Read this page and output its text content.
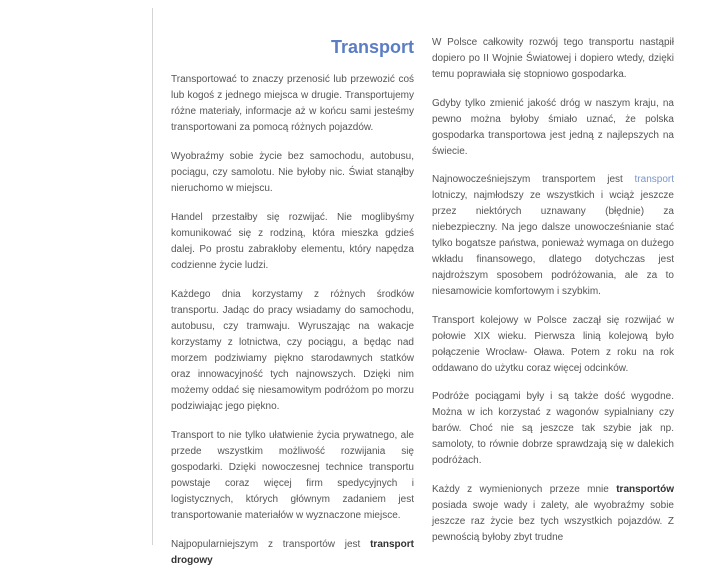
Transport

Transportować to znaczy przenosić lub przewozić coś lub kogoś z jednego miejsca w drugie. Transportujemy różne materiały, informacje aż w końcu sami jesteśmy transportowani za pomocą różnych pojazdów.

Wyobraźmy sobie życie bez samochodu, autobusu, pociągu, czy samolotu. Nie byłoby nic. Świat stanąłby nieruchomo w miejscu.

Handel przestałby się rozwijać. Nie moglibyśmy komunikować się z rodziną, która mieszka gdzieś dalej. Po prostu zabrakłoby elementu, który napędza codzienne życie ludzi.

Każdego dnia korzystamy z różnych środków transportu. Jadąc do pracy wsiadamy do samochodu, autobusu, czy tramwaju. Wyruszając na wakacje korzystamy z lotnictwa, czy pociągu, a będąc nad morzem podziwiamy piękno starodawnych statków oraz innowacyjność tych najnowszych. Dzięki nim możemy oddać się niesamowitym podróżom po morzu podziwiając jego piękno.

Transport to nie tylko ułatwienie życia prywatnego, ale przede wszystkim możliwość rozwijania się gospodarki. Dzięki nowoczesnej technice transportu powstaje coraz więcej firm spedycyjnych i logistycznych, których głównym zadaniem jest transportowanie materiałów w wyznaczone miejsce.

Najpopularniejszym z transportów jest transport drogowy

W Polsce całkowity rozwój tego transportu nastąpił dopiero po II Wojnie Światowej i dopiero wtedy, dzięki temu poprawiała się stopniowo gospodarka.

Gdyby tylko zmienić jakość dróg w naszym kraju, na pewno można byłoby śmiało uznać, że polska gospodarka transportowa jest jedną z najlepszych na świecie.

Najnowocześniejszym transportem jest transport lotniczy, najmłodszy ze wszystkich i wciąż jeszcze przez niektórych uznawany (błędnie) za niebezpieczny. Na jego dalsze unowocześnianie stać tylko bogatsze państwa, ponieważ wymaga on dużego wkładu finansowego, dlatego dotychczas jest najdroższym sposobem podróżowania, ale za to niesamowicie komfortowym i szybkim.

Transport kolejowy w Polsce zaczął się rozwijać w połowie XIX wieku. Pierwsza linią kolejową było połączenie Wrocław- Oława. Potem z roku na rok oddawano do użytku coraz więcej odcinków.

Podróże pociągami były i są także dość wygodne. Można w ich korzystać z wagonów sypialniany czy barów. Choć nie są jeszcze tak szybie jak np. samoloty, to równie dobrze sprawdzają się w dalekich podróżach.

Każdy z wymienionych przeze mnie transportów posiada swoje wady i zalety, ale wyobraźmy sobie jeszcze raz życie bez tych wszystkich pojazdów. Z pewnością byłoby zbyt trudne
